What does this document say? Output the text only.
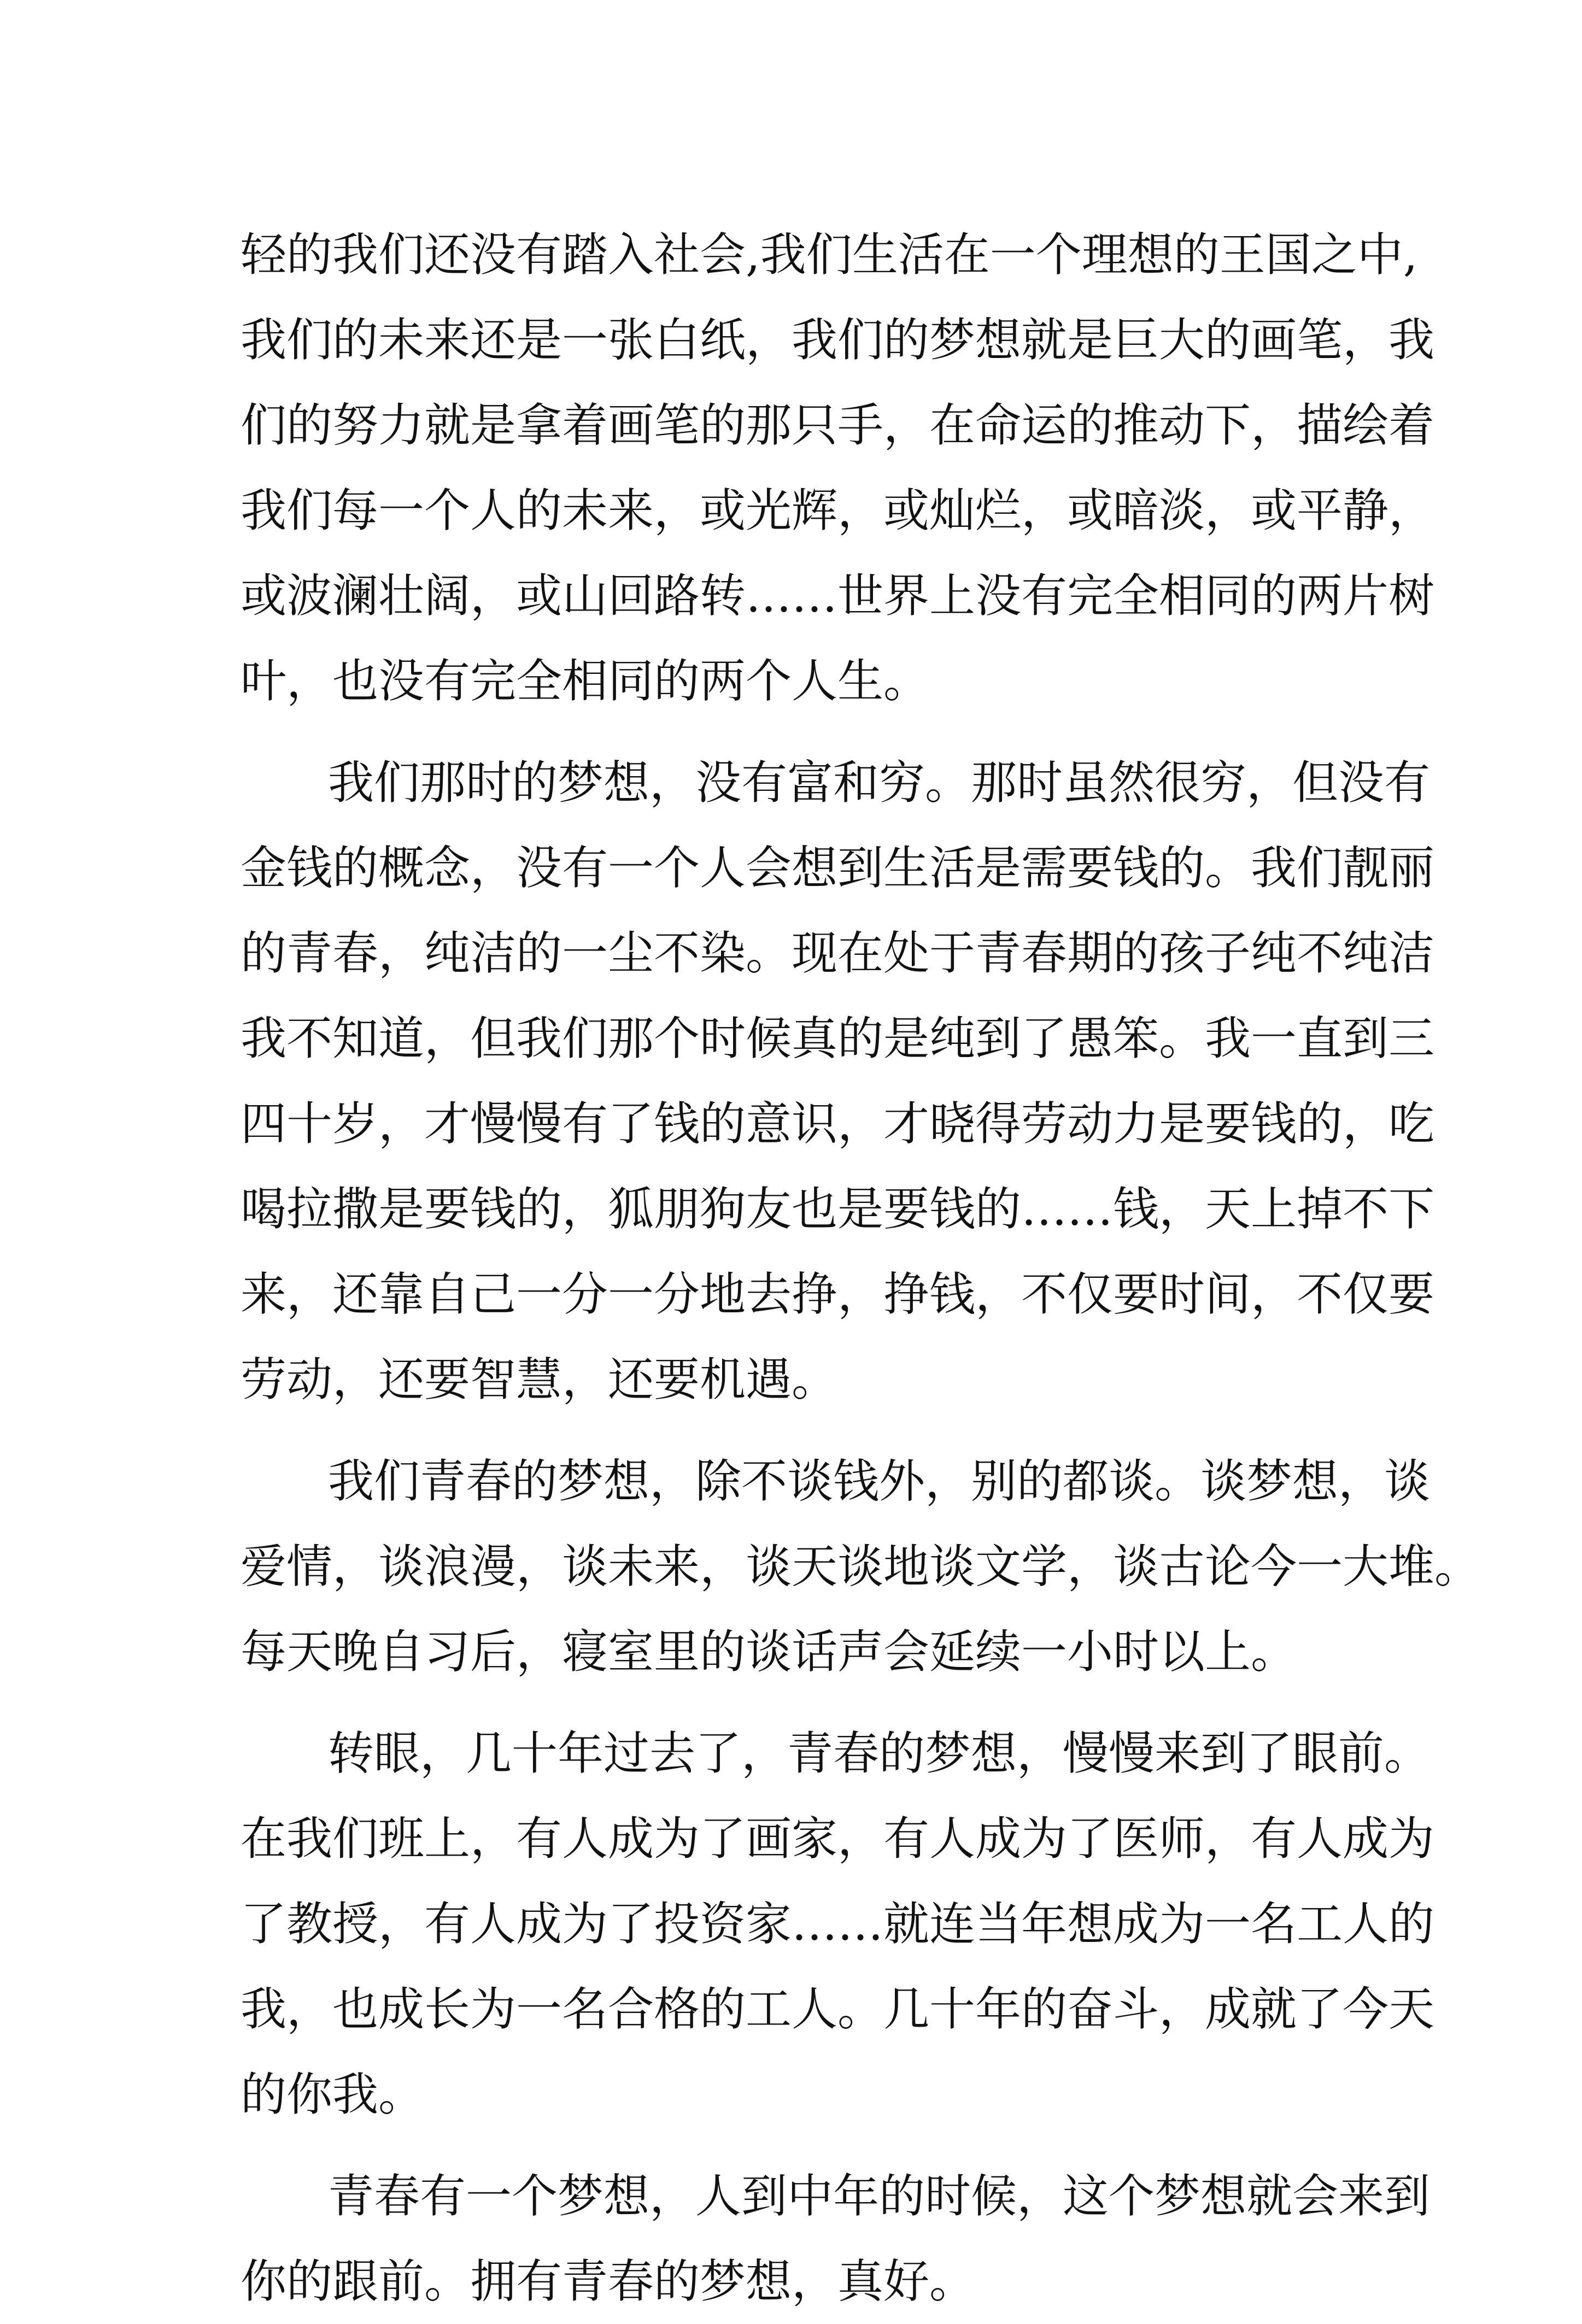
轻的我们还没有踏入社会,我们生活在一个理想的王国之中,
我们的未来还是一张白纸，我们的梦想就是巨大的画笔，我
们的努力就是拿着画笔的那只手，在命运的推动下，描绘着
我们每一个人的未来，或光辉，或灿烂，或暗淡，或平静，
或波澜壮阔，或山回路转……世界上没有完全相同的两片树
叶，也没有完全相同的两个人生。
我们那时的梦想，没有富和穷。那时虽然很穷，但没有
金钱的概念，没有一个人会想到生活是需要钱的。我们靓丽
的青春，纯洁的一尘不染。现在处于青春期的孩子纯不纯洁
我不知道，但我们那个时候真的是纯到了愚笨。我一直到三
四十岁，才慢慢有了钱的意识，才晓得劳动力是要钱的，吃
喝拉撒是要钱的，狐朋狗友也是要钱的……钱，天上掉不下
来，还靠自己一分一分地去挣，挣钱，不仅要时间，不仅要
劳动，还要智慧，还要机遇。
我们青春的梦想，除不谈钱外，别的都谈。谈梦想，谈
爱情，谈浪漫，谈未来，谈天谈地谈文学，谈古论今一大堆。
每天晚自习后，寝室里的谈话声会延续一小时以上。
转眼，几十年过去了，青春的梦想，慢慢来到了眼前。
在我们班上，有人成为了画家，有人成为了医师，有人成为
了教授，有人成为了投资家……就连当年想成为一名工人的
我，也成长为一名合格的工人。几十年的奋斗，成就了今天
的你我。
青春有一个梦想，人到中年的时候，这个梦想就会来到
你的跟前。拥有青春的梦想，真好。
